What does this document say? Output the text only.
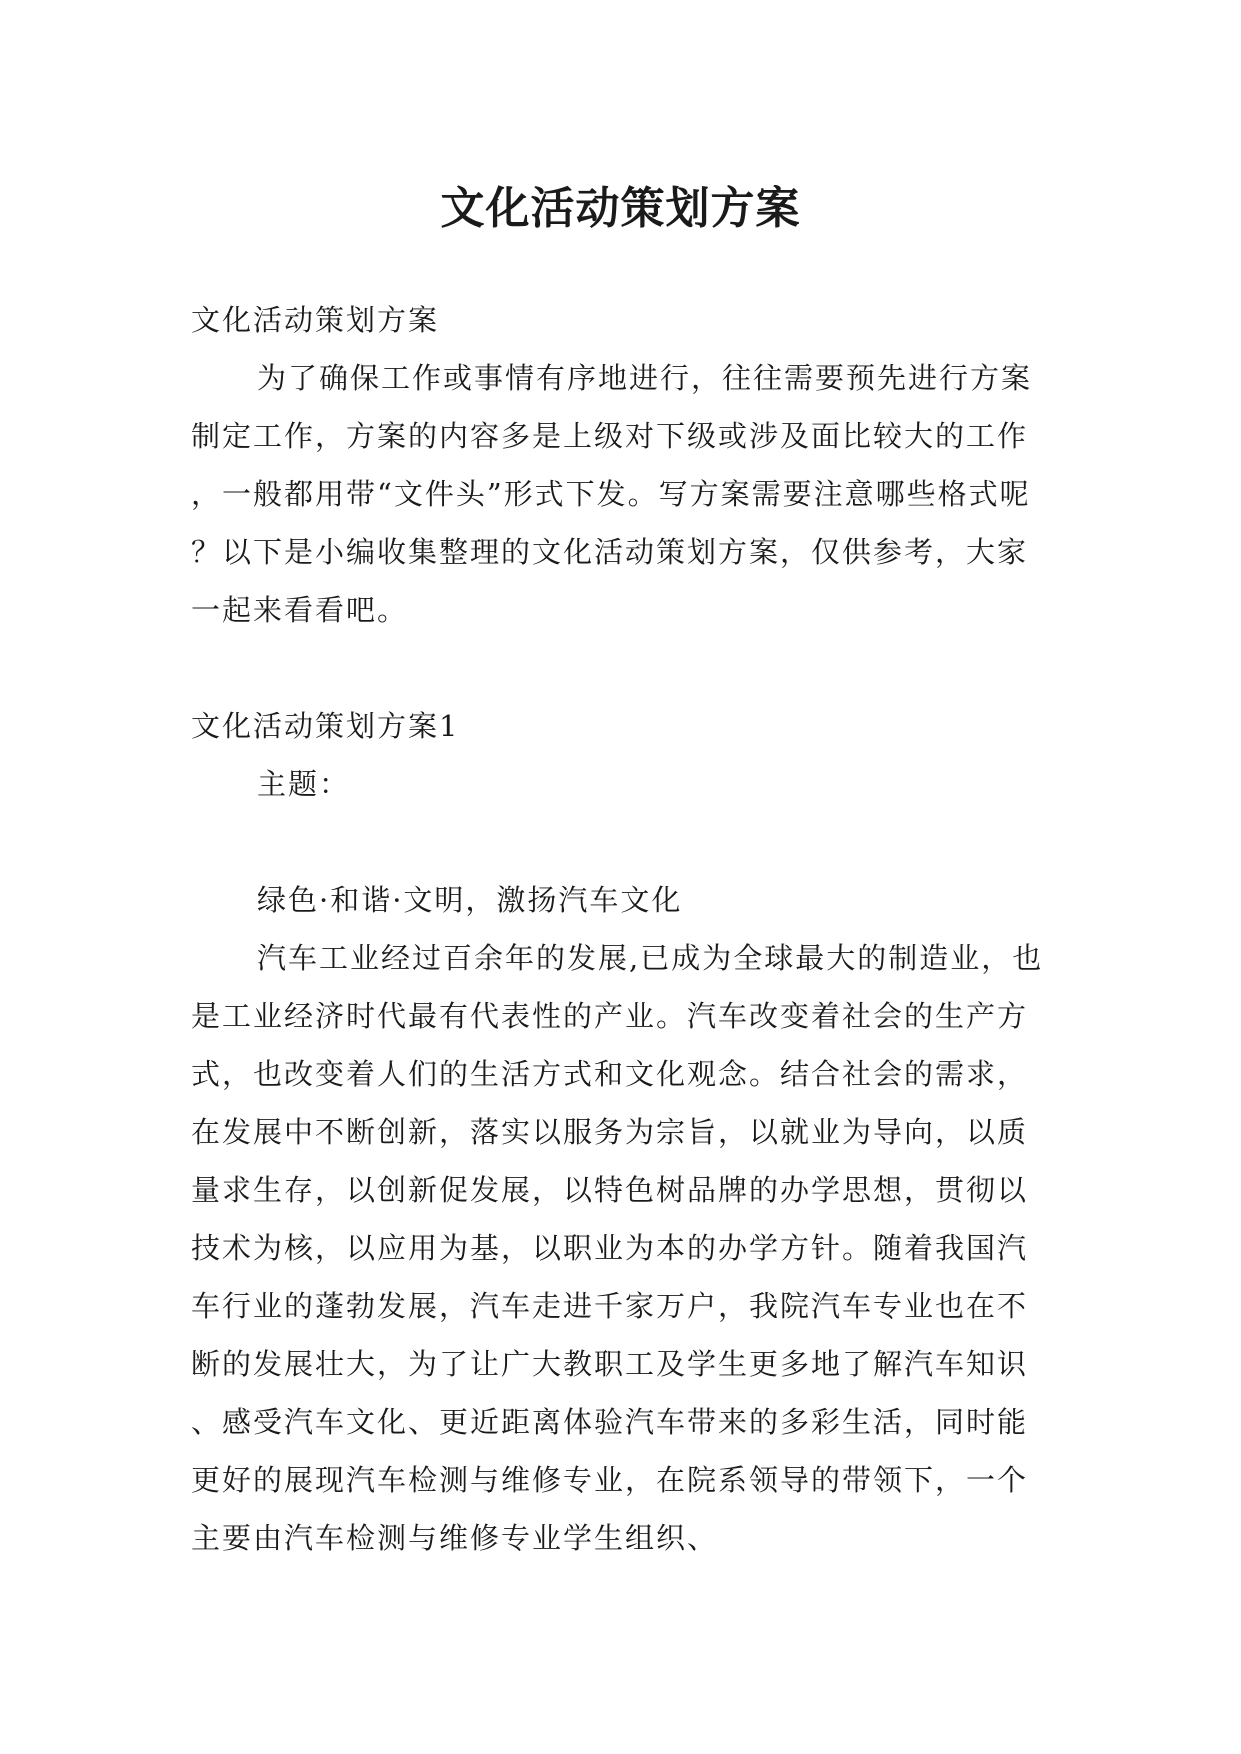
文化活动策划方案

文化活动策划方案

为了确保工作或事情有序地进行，往往需要预先进行方案制定工作，方案的内容多是上级对下级或涉及面比较大的工作，一般都用带“文件头”形式下发。写方案需要注意哪些格式呢？以下是小编收集整理的文化活动策划方案，仅供参考，大家一起来看看吧。

文化活动策划方案1

主题：

绿色·和谐·文明，激扬汽车文化

汽车工业经过百余年的发展,已成为全球最大的制造业，也是工业经济时代最有代表性的产业。汽车改变着社会的生产方式，也改变着人们的生活方式和文化观念。结合社会的需求，在发展中不断创新，落实以服务为宗旨，以就业为导向，以质量求生存，以创新促发展，以特色树品牌的办学思想，贯彻以技术为核，以应用为基，以职业为本的办学方针。随着我国汽车行业的蓬勃发展，汽车走进千家万户，我院汽车专业也在不断的发展壮大，为了让广大教职工及学生更多地了解汽车知识、感受汽车文化、更近距离体验汽车带来的多彩生活，同时能更好的展现汽车检测与维修专业，在院系领导的带领下，一个主要由汽车检测与维修专业学生组织、
